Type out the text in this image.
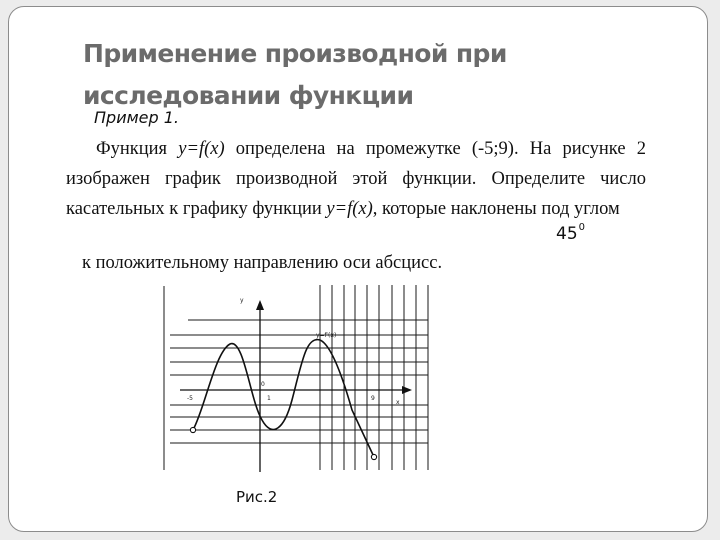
Применение производной при
исследовании функции
Пример 1.

Функция y=f(x) определена на промежутке (-5;9). На рисунке 2 изображен график производной этой функции. Определите число касательных к графику функции y=f(x), которые наклонены под углом

$45^0$

к положительному направлению оси абсцисс.

y
y=f′(x)
x
-5	9
0
1
Рис.2
